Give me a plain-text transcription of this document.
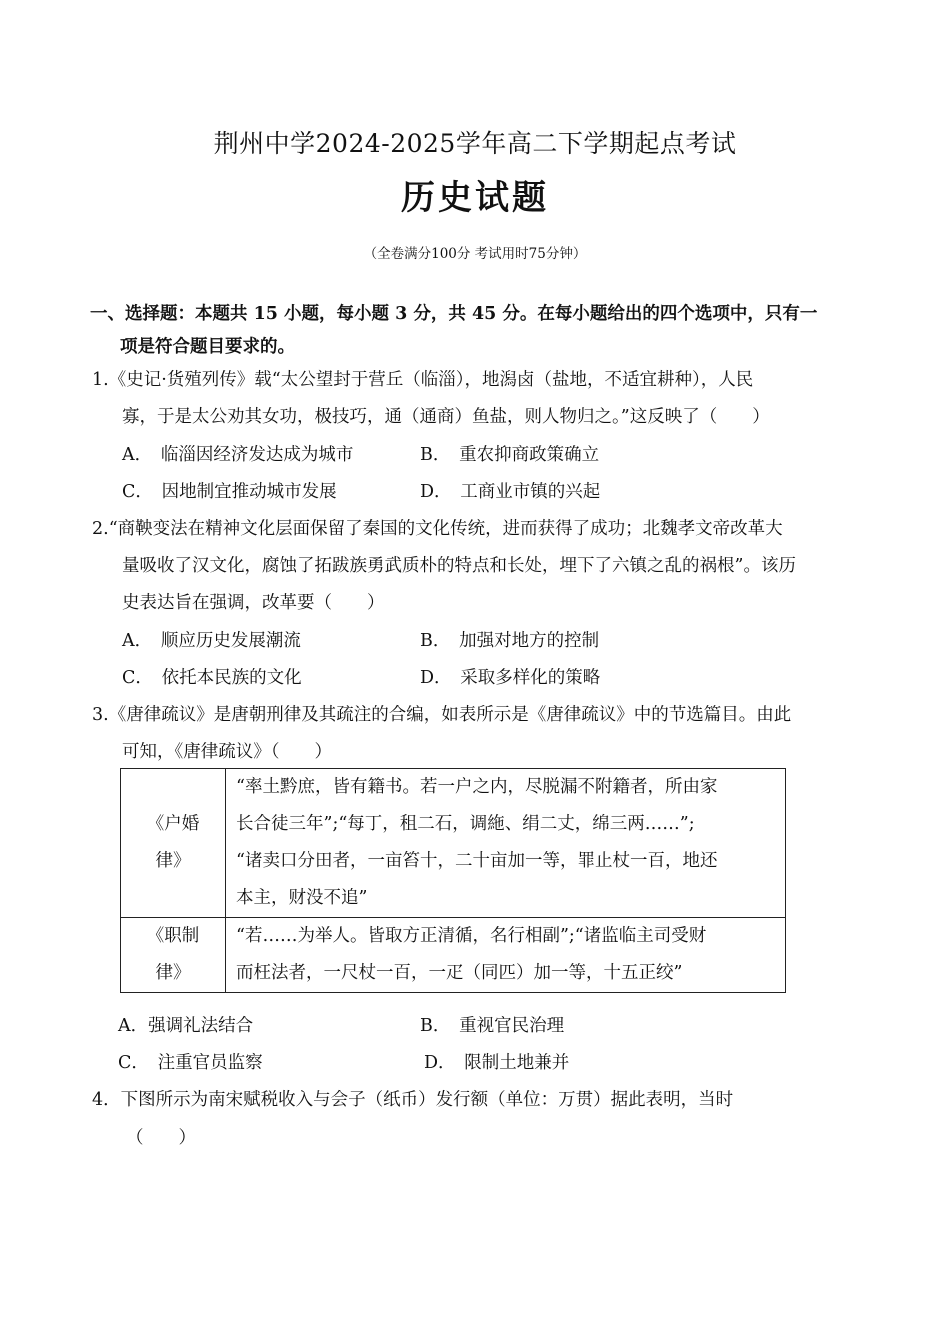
荆州中学2024-2025学年高二下学期起点考试
历史试题
（全卷满分100分 考试用时75分钟）
一、选择题：本题共 15 小题，每小题 3 分，共 45 分。在每小题给出的四个选项中，只有一
项是符合题目要求的。
1.《史记·货殖列传》载“太公望封于营丘（临淄），地潟卤（盐地，不适宜耕种），人民
寡，于是太公劝其女功，极技巧，通（通商）鱼盐，则人物归之。”这反映了（　　）
A．　临淄因经济发达成为城市	B．　重农抑商政策确立
C．　因地制宜推动城市发展	D．　工商业市镇的兴起
2.“商鞅变法在精神文化层面保留了秦国的文化传统，进而获得了成功；北魏孝文帝改革大
量吸收了汉文化，腐蚀了拓跋族勇武质朴的特点和长处，埋下了六镇之乱的祸根”。该历
史表达旨在强调，改革要（　　）
A．　顺应历史发展潮流	B．　加强对地方的控制
C．　依托本民族的文化	D．　采取多样化的策略
3.《唐律疏议》是唐朝刑律及其疏注的合编，如表所示是《唐律疏议》中的节选篇目。由此
可知，《唐律疏议》（　　）
《户婚
律》	“率土黔庶，皆有籍书。若一户之内，尽脱漏不附籍者，所由家
长合徒三年”;“每丁，租二石，调絁、绢二丈，绵三两……”;
“诸卖口分田者，一亩笞十，二十亩加一等，罪止杖一百，地还
本主，财没不追”

《职制
律》	“若……为举人。皆取方正清循，名行相副”;“诸监临主司受财
而枉法者，一尺杖一百，一疋（同匹）加一等，十五正绞”
A．强调礼法结合	B．　重视官民治理
C．　注重官员监察	D．　限制土地兼并
4．下图所示为南宋赋税收入与会子（纸币）发行额（单位：万贯）据此表明，当时
（　　）
